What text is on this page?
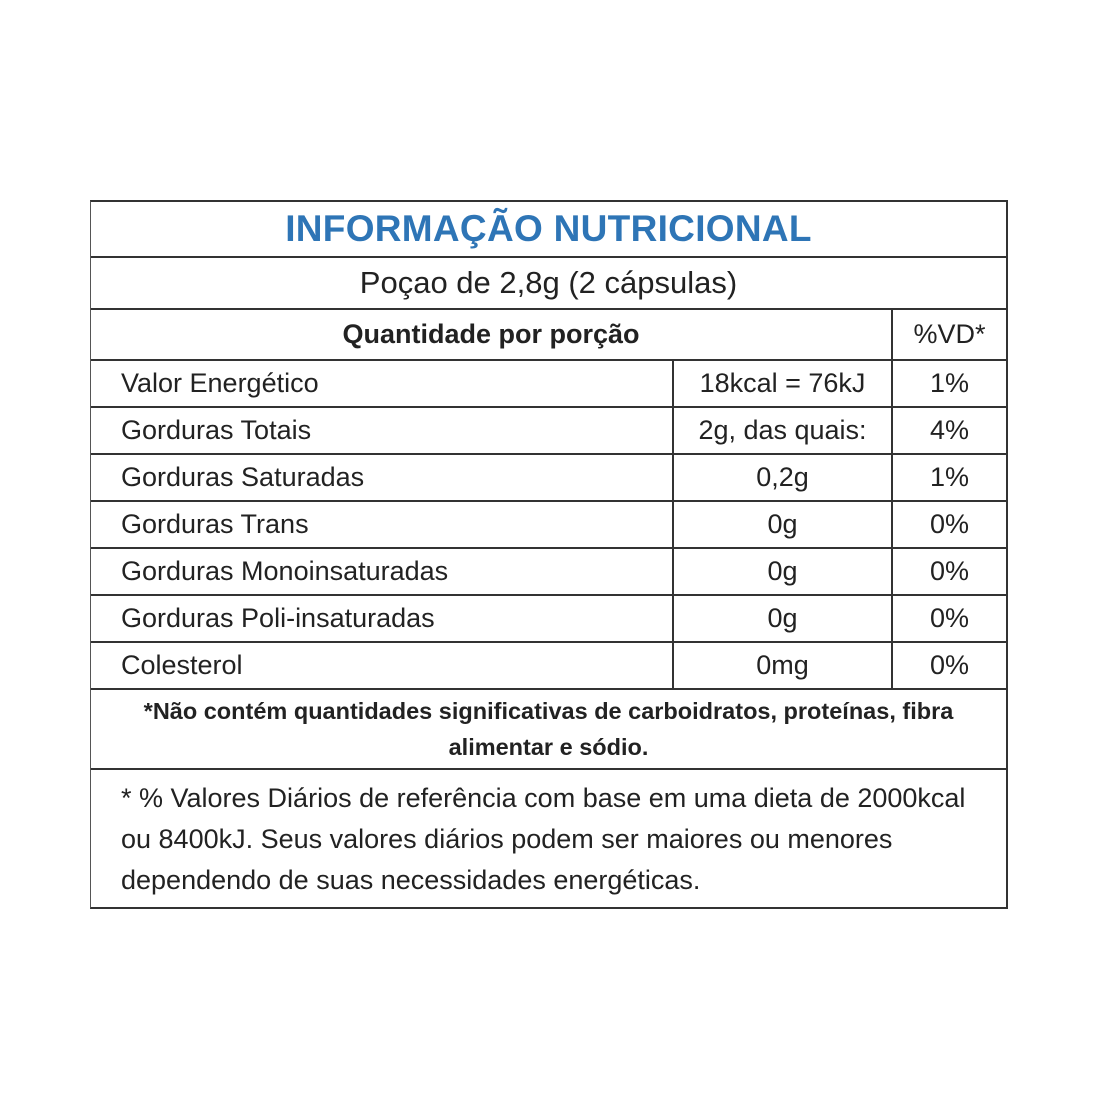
INFORMAÇÃO NUTRICIONAL
Poçao de 2,8g (2 cápsulas)
Quantidade por porção	%VD*
Valor Energético	18kcal = 76kJ	1%
Gorduras Totais	2g, das quais:	4%
Gorduras Saturadas	0,2g	1%
Gorduras Trans	0g	0%
Gorduras Monoinsaturadas	0g	0%
Gorduras Poli-insaturadas	0g	0%
Colesterol	0mg	0%
*Não contém quantidades significativas de carboidratos, proteínas, fibra alimentar e sódio.
* % Valores Diários de referência com base em uma dieta de 2000kcal ou 8400kJ. Seus valores diários podem ser maiores ou menores dependendo de suas necessidades energéticas.
